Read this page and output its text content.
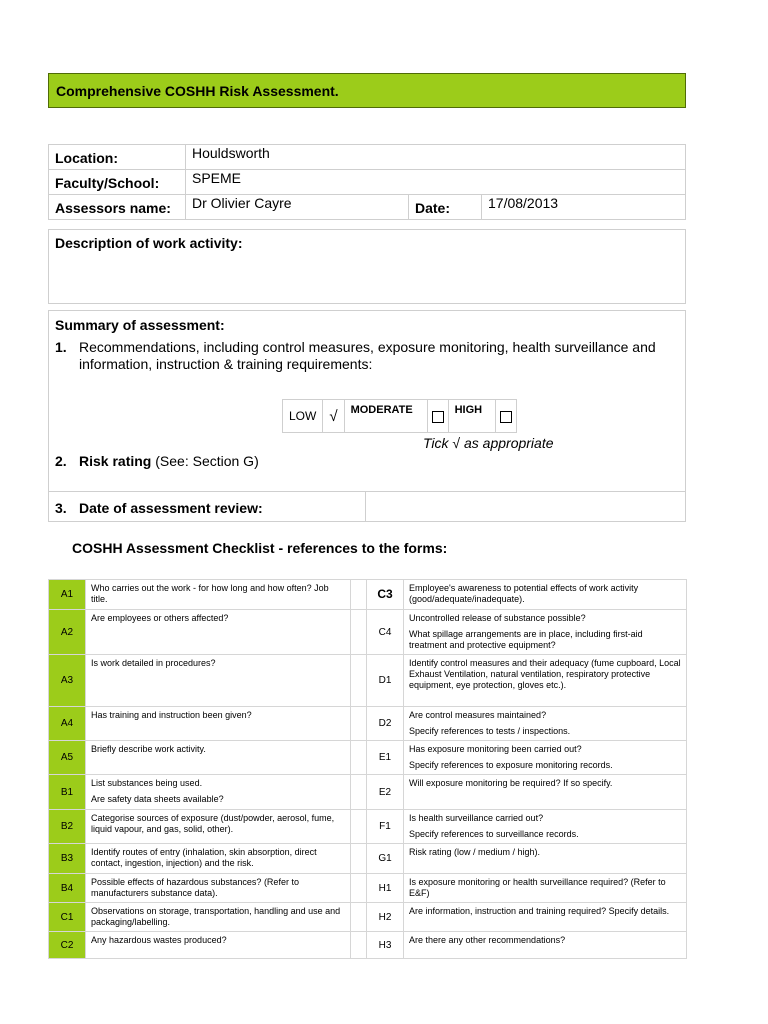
Comprehensive COSHH Risk Assessment.
Location:	Houldsworth		
Faculty/School:	SPEME		
Assessors name:	Dr Olivier Cayre	Date:	17/08/2013
Description of work activity:
Summary of assessment:
1. Recommendations, including control measures, exposure monitoring, health surveillance and information, instruction & training requirements:
LOW	√	MODERATE		HIGH	
Tick √ as appropriate
2. Risk rating (See: Section G)
3. Date of assessment review:
COSHH Assessment Checklist - references to the forms:
A1	Who carries out the work - for how long and how often? Job title.		C3	Employee's awareness to potential effects of work activity (good/adequate/inadequate).

A2	Are employees or others affected?		C4	Uncontrolled release of substance possible?
What spillage arrangements are in place, including first-aid treatment and protective equipment?

A3	Is work detailed in procedures?		D1	Identify control measures and their adequacy (fume cupboard, Local Exhaust Ventilation, natural ventilation, respiratory protective equipment, eye protection, gloves etc.).

A4	Has training and instruction been given?		D2	Are control measures maintained?
Specify references to tests / inspections.

A5	Briefly describe work activity.		E1	Has exposure monitoring been carried out?
Specify references to exposure monitoring records.

B1	List substances being used.
Are safety data sheets available?		E2	Will exposure monitoring be required? If so specify.

B2	Categorise sources of exposure (dust/powder, aerosol, fume, liquid vapour, and gas, solid, other).		F1	Is health surveillance carried out?
Specify references to surveillance records.

B3	Identify routes of entry (inhalation, skin absorption, direct contact, ingestion, injection) and the risk.		G1	Risk rating (low / medium / high).

B4	Possible effects of hazardous substances? (Refer to manufacturers substance data).		H1	Is exposure monitoring or health surveillance required? (Refer to E&F)

C1	Observations on storage, transportation, handling and use and packaging/labelling.		H2	Are information, instruction and training required? Specify details.

C2	Any hazardous wastes produced?		H3	Are there any other recommendations?
